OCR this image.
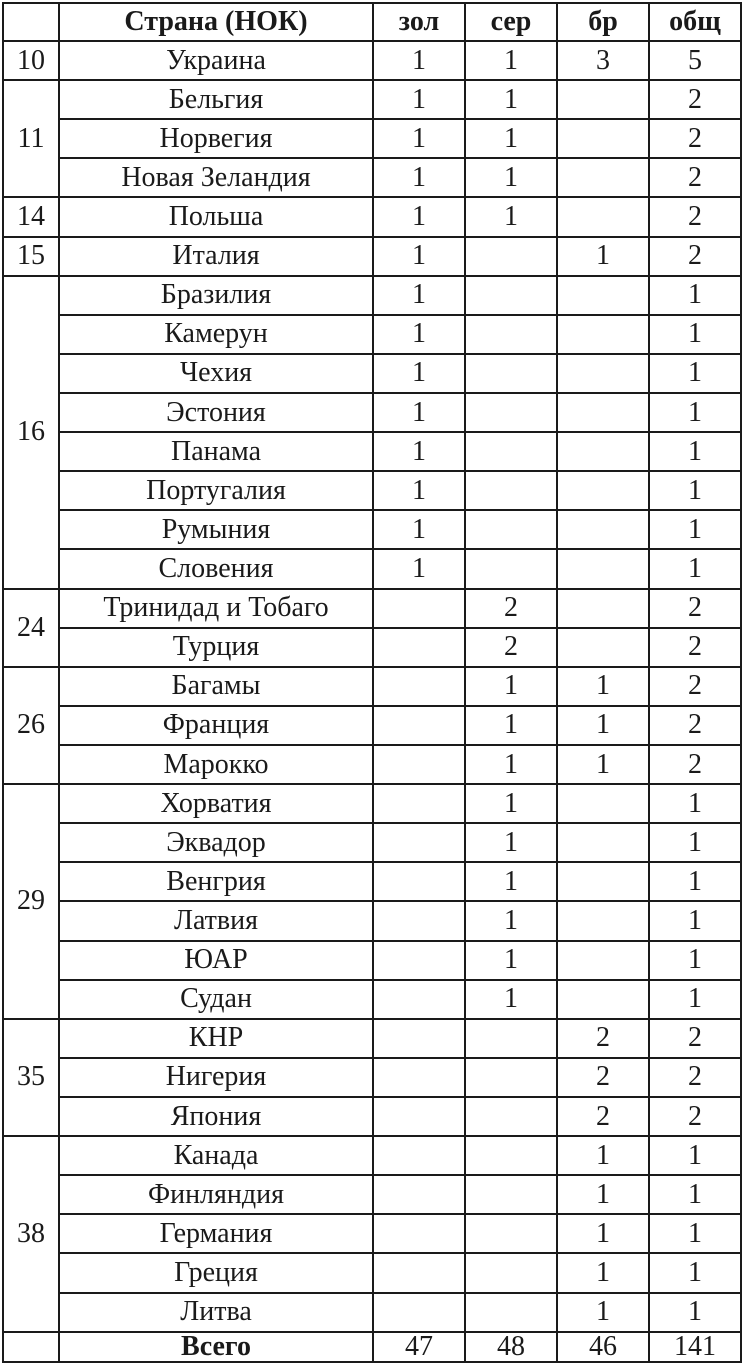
	Страна (НОК)	зол	сер	бр	общ
10	Украина	1	1	3	5
11	Бельгия	1	1		2
	Норвегия	1	1		2
	Новая Зеландия	1	1		2
14	Польша	1	1		2
15	Италия	1		1	2
16	Бразилия	1			1
	Камерун	1			1
	Чехия	1			1
	Эстония	1			1
	Панама	1			1
	Португалия	1			1
	Румыния	1			1
	Словения	1			1
24	Тринидад и Тобаго		2		2
	Турция		2		2
26	Багамы		1	1	2
	Франция		1	1	2
	Марокко		1	1	2
29	Хорватия		1		1
	Эквадор		1		1
	Венгрия		1		1
	Латвия		1		1
	ЮАР		1		1
	Судан		1		1
35	КНР			2	2
	Нигерия			2	2
	Япония			2	2
38	Канада			1	1
	Финляндия			1	1
	Германия			1	1
	Греция			1	1
	Литва			1	1
	Всего	47	48	46	141
